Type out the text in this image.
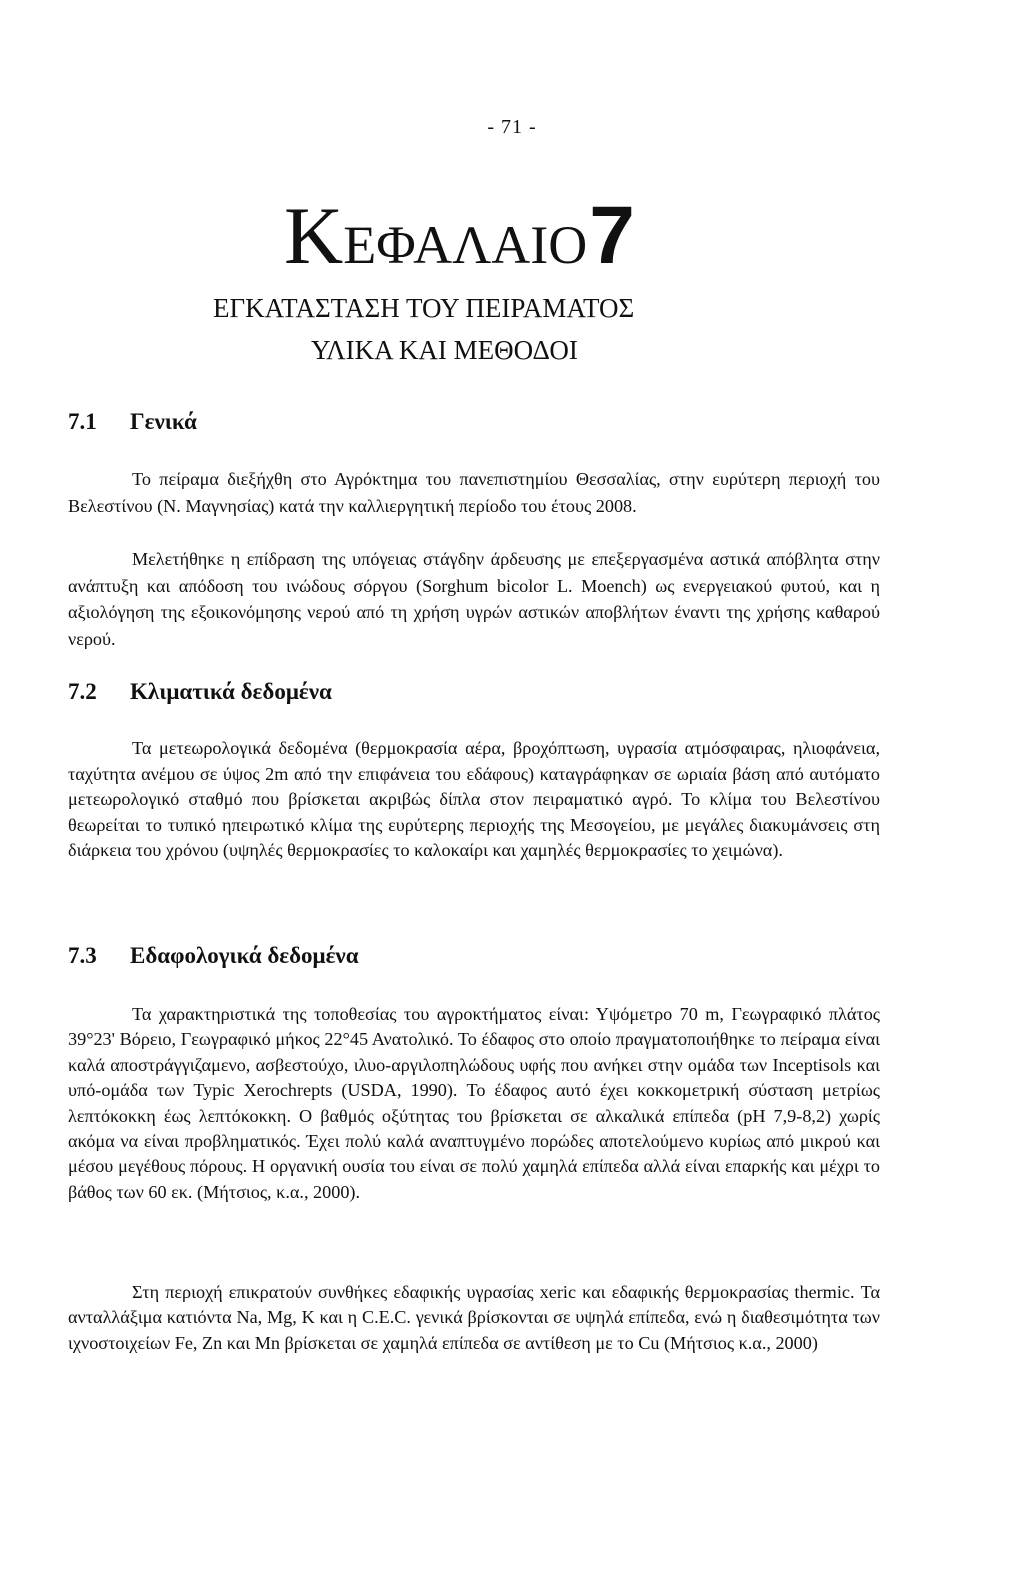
- 71 -
ΚΕΦΑΛΑΙΟ7
ΕΓΚΑΤΑΣΤΑΣΗ ΤΟΥ ΠΕΙΡΑΜΑΤΟΣ
ΥΛΙΚΑ ΚΑΙ ΜΕΘΟΔΟΙ
7.1 Γενικά

Το πείραμα διεξήχθη στο Αγρόκτημα του πανεπιστημίου Θεσσαλίας, στην ευρύτερη περιοχή του Βελεστίνου (Ν. Μαγνησίας) κατά την καλλιεργητική περίοδο του έτους 2008.

Μελετήθηκε η επίδραση της υπόγειας στάγδην άρδευσης με επεξεργασμένα αστικά απόβλητα στην ανάπτυξη και απόδοση του ινώδους σόργου (Sorghum bicolor L. Moench) ως ενεργειακού φυτού, και η αξιολόγηση της εξοικονόμησης νερού από τη χρήση υγρών αστικών αποβλήτων έναντι της χρήσης καθαρού νερού.

7.2 Κλιματικά δεδομένα

Τα μετεωρολογικά δεδομένα (θερμοκρασία αέρα, βροχόπτωση, υγρασία ατμόσφαιρας, ηλιοφάνεια, ταχύτητα ανέμου σε ύψος 2m από την επιφάνεια του εδάφους) καταγράφηκαν σε ωριαία βάση από αυτόματο μετεωρολογικό σταθμό που βρίσκεται ακριβώς δίπλα στον πειραματικό αγρό. Το κλίμα του Βελεστίνου θεωρείται το τυπικό ηπειρωτικό κλίμα της ευρύτερης περιοχής της Μεσογείου, με μεγάλες διακυμάνσεις στη διάρκεια του χρόνου (υψηλές θερμοκρασίες το καλοκαίρι και χαμηλές θερμοκρασίες το χειμώνα).

7.3 Εδαφολογικά δεδομένα

Τα χαρακτηριστικά της τοποθεσίας του αγροκτήματος είναι: Υψόμετρο 70 m, Γεωγραφικό πλάτος 39°23' Βόρειο, Γεωγραφικό μήκος 22°45 Ανατολικό. Το έδαφος στο οποίο πραγματοποιήθηκε το πείραμα είναι καλά αποστράγγιζαμενο, ασβεστούχο, ιλυο-αργιλοπηλώδους υφής που ανήκει στην ομάδα των Inceptisols και υπό-ομάδα των Typic Xerochrepts (USDA, 1990). Το έδαφος αυτό έχει κοκκομετρική σύσταση μετρίως λεπτόκοκκη έως λεπτόκοκκη. Ο βαθμός οξύτητας του βρίσκεται σε αλκαλικά επίπεδα (pH 7,9-8,2) χωρίς ακόμα να είναι προβληματικός. Έχει πολύ καλά αναπτυγμένο πορώδες αποτελούμενο κυρίως από μικρού και μέσου μεγέθους πόρους. Η οργανική ουσία του είναι σε πολύ χαμηλά επίπεδα αλλά είναι επαρκής και μέχρι το βάθος των 60 εκ. (Μήτσιος, κ.α., 2000).

Στη περιοχή επικρατούν συνθήκες εδαφικής υγρασίας xeric και εδαφικής θερμοκρασίας thermic. Τα ανταλλάξιμα κατιόντα Na, Mg, K και η C.E.C. γενικά βρίσκονται σε υψηλά επίπεδα, ενώ η διαθεσιμότητα των ιχνοστοιχείων Fe, Zn και Mn βρίσκεται σε χαμηλά επίπεδα σε αντίθεση με το Cu (Μήτσιος κ.α., 2000)
